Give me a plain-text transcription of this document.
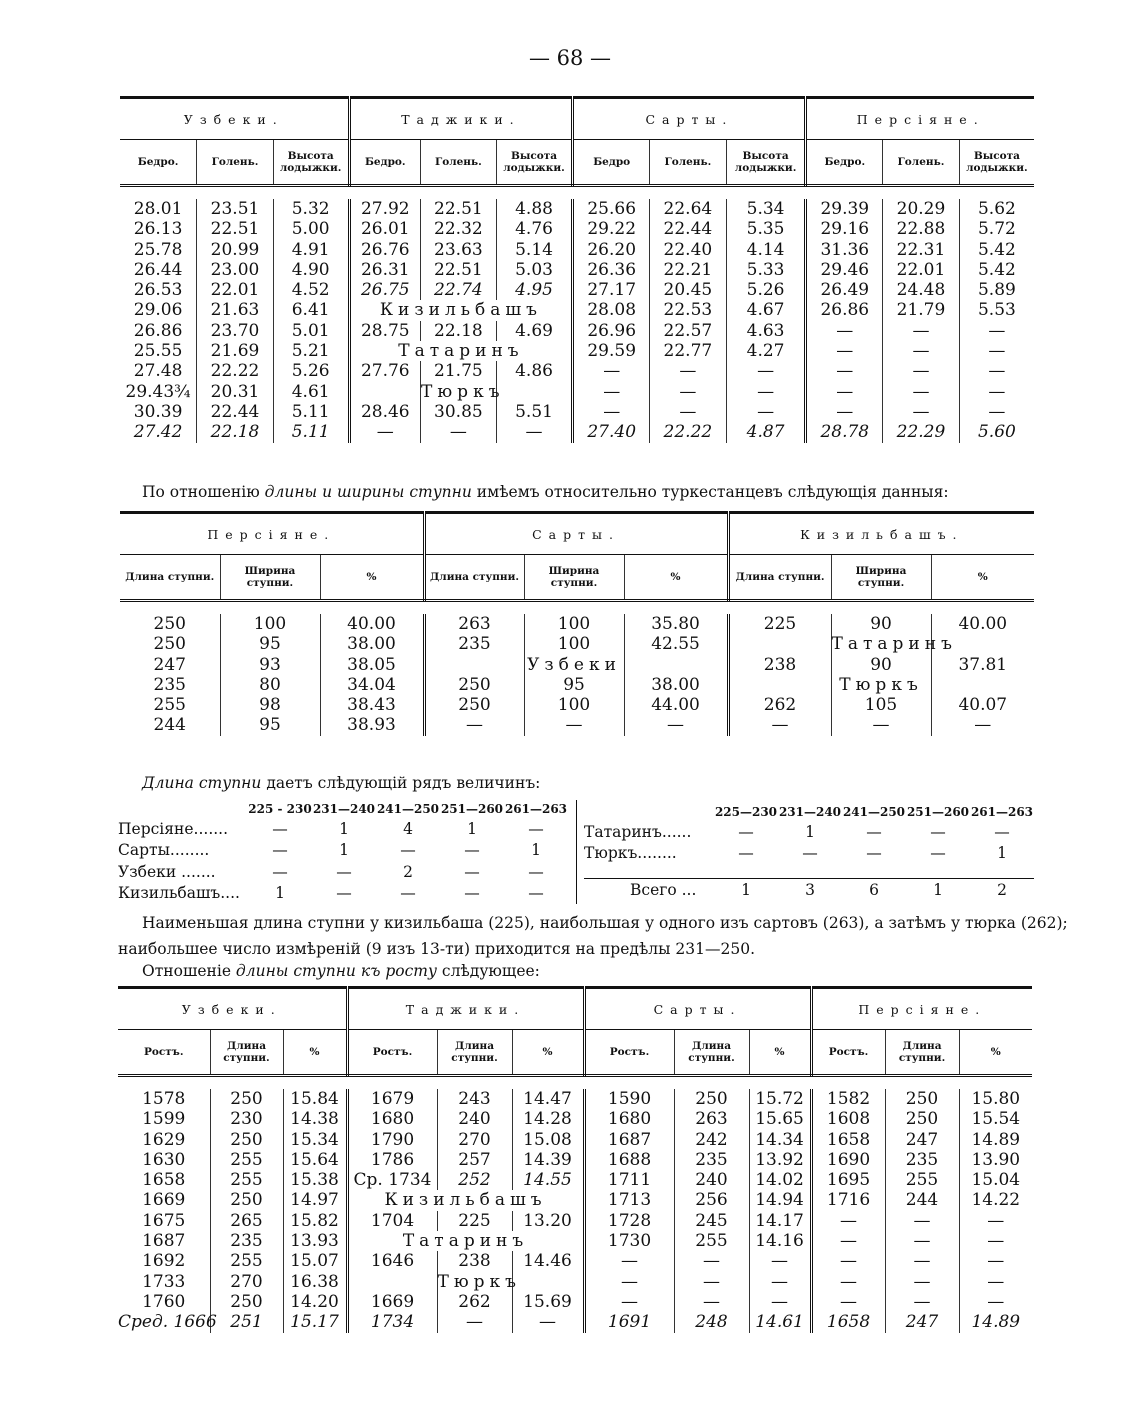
— 68 —
Узбеки.			Таджики.			Сарты.			Персіяне.		
Бедро.	Голень.	Высота лодыжки.	Бедро.	Голень.	Высота лодыжки.	Бедро	Голень.	Высота лодыжки.	Бедро.	Голень.	Высота лодыжки.

28.01	23.51	5.32	27.92	22.51	4.88	25.66	22.64	5.34	29.39	20.29	5.62
26.13	22.51	5.00	26.01	22.32	4.76	29.22	22.44	5.35	29.16	22.88	5.72
25.78	20.99	4.91	26.76	23.63	5.14	26.20	22.40	4.14	31.36	22.31	5.42
26.44	23.00	4.90	26.31	22.51	5.03	26.36	22.21	5.33	29.46	22.01	5.42
26.53	22.01	4.52	26.75	22.74	4.95	27.17	20.45	5.26	26.49	24.48	5.89
29.06	21.63	6.41	Кизильбашъ			28.08	22.53	4.67	26.86	21.79	5.53
26.86	23.70	5.01	28.75	22.18	4.69	26.96	22.57	4.63	—	—	—
25.55	21.69	5.21	Татаринъ			29.59	22.77	4.27	—	—	—
27.48	22.22	5.26	27.76	21.75	4.86	—	—	—	—	—	—
29.43¾	20.31	4.61		Тюркъ		—	—	—	—	—	—
30.39	22.44	5.11	28.46	30.85	5.51	—	—	—	—	—	—
27.42	22.18	5.11	—	—	—	27.40	22.22	4.87	28.78	22.29	5.60
По отношенію длины и ширины ступни имѣемъ относительно туркестанцевъ слѣдующія данныя:
Персіяне.			Сарты.			Кизильбашъ.		
Длина ступни.	Ширина ступни.	%	Длина ступни.	Ширина ступни.	%	Длина ступни.	Ширина ступни.	%

250	100	40.00	263	100	35.80	225	90	40.00
250	95	38.00	235	100	42.55		Татаринъ	
247	93	38.05		Узбеки		238	90	37.81
235	80	34.04	250	95	38.00		Тюркъ	
255	98	38.43	250	100	44.00	262	105	40.07
244	95	38.93	—	—	—	—	—	—
Длина ступни даетъ слѣдующій рядъ величинъ:
	225 - 230	231—240	241—250	251—260	261—263
Персіяне.......	—	1	4	1	—
Сарты........	—	1	—	—	1
Узбеки .......	—	—	2	—	—
Кизильбашъ....	1	—	—	—	—
	225—230	231—240	241—250	251—260	261—263
Татаринъ......	—	1	—	—	—
Тюркъ........	—	—	—	—	1

Всего ...	1	3	6	1	2
Наименьшая длина ступни у кизильбаша (225), наибольшая у одного изъ сартовъ (263), а затѣмъ у тюрка (262);
наибольшее число измѣреній (9 изъ 13-ти) приходится на предѣлы 231—250.
Отношеніе длины ступни къ росту слѣдующее:
Узбеки.			Таджики.			Сарты.			Персіяне.		
Ростъ.	Длина ступни.	%	Ростъ.	Длина ступни.	%	Ростъ.	Длина ступни.	%	Ростъ.	Длина ступни.	%

1578	250	15.84	1679	243	14.47	1590	250	15.72	1582	250	15.80
1599	230	14.38	1680	240	14.28	1680	263	15.65	1608	250	15.54
1629	250	15.34	1790	270	15.08	1687	242	14.34	1658	247	14.89
1630	255	15.64	1786	257	14.39	1688	235	13.92	1690	235	13.90
1658	255	15.38	Ср. 1734	252	14.55	1711	240	14.02	1695	255	15.04
1669	250	14.97	Кизильбашъ			1713	256	14.94	1716	244	14.22
1675	265	15.82	1704	225	13.20	1728	245	14.17	—	—	—
1687	235	13.93	Татаринъ			1730	255	14.16	—	—	—
1692	255	15.07	1646	238	14.46	—	—	—	—	—	—
1733	270	16.38		Тюркъ		—	—	—	—	—	—
1760	250	14.20	1669	262	15.69	—	—	—	—	—	—
Сред. 1666	251	15.17	1734	—	—	1691	248	14.61	1658	247	14.89
